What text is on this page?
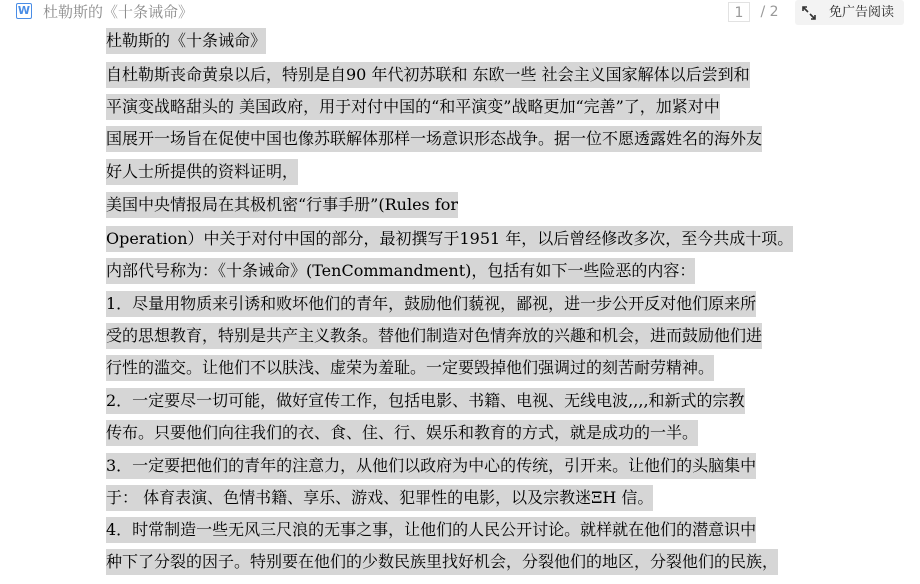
W 杜勒斯的《十条诫命》	1 / 2	免广告阅读
杜勒斯的《十条诫命》
自杜勒斯丧命黄泉以后，特别是自90 年代初苏联和 东欧一些 社会主义国家解体以后尝到和
平演变战略甜头的 美国政府，用于对付中国的“和平演变”战略更加“完善”了，加紧对中
国展开一场旨在促使中国也像苏联解体那样一场意识形态战争。据一位不愿透露姓名的海外友
好人士所提供的资料证明，
美国中央情报局在其极机密“行事手册”(Rules for
Operation）中关于对付中国的部分，最初撰写于1951 年，以后曾经修改多次，至今共成十项。
内部代号称为：《十条诫命》(TenCommandment)，包括有如下一些险恶的内容：
1．尽量用物质来引诱和败坏他们的青年，鼓励他们藐视，鄙视，进一步公开反对他们原来所
受的思想教育，特别是共产主义教条。替他们制造对色情奔放的兴趣和机会，进而鼓励他们进
行性的滥交。让他们不以肤浅、虚荣为羞耻。一定要毁掉他们强调过的刻苦耐劳精神。
2．一定要尽一切可能，做好宣传工作，包括电影、书籍、电视、无线电波,,,,和新式的宗教
传布。只要他们向往我们的衣、食、住、行、娱乐和教育的方式，就是成功的一半。
3．一定要把他们的青年的注意力，从他们以政府为中心的传统，引开来。让他们的头脑集中
于： 体育表演、色情书籍、享乐、游戏、犯罪性的电影，以及宗教迷ΞH 信。
4．时常制造一些无风三尺浪的无事之事，让他们的人民公开讨论。就样就在他们的潜意识中
种下了分裂的因子。特别要在他们的少数民族里找好机会，分裂他们的地区，分裂他们的民族，
